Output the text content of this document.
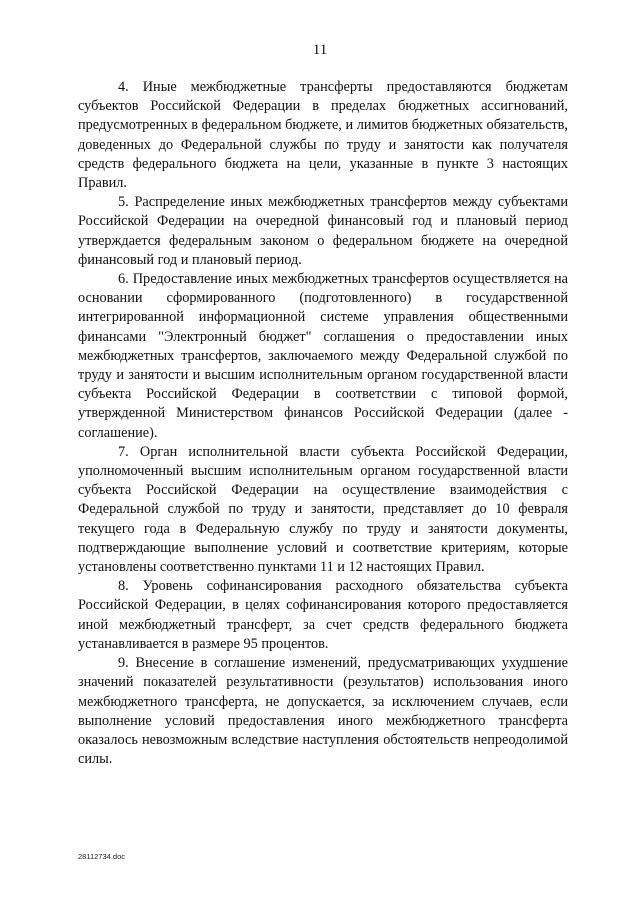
11

4. Иные межбюджетные трансферты предоставляются бюджетам субъектов Российской Федерации в пределах бюджетных ассигнований, предусмотренных в федеральном бюджете, и лимитов бюджетных обязательств, доведенных до Федеральной службы по труду и занятости как получателя средств федерального бюджета на цели, указанные в пункте 3 настоящих Правил.

5. Распределение иных межбюджетных трансфертов между субъектами Российской Федерации на очередной финансовый год и плановый период утверждается федеральным законом о федеральном бюджете на очередной финансовый год и плановый период.

6. Предоставление иных межбюджетных трансфертов осуществляется на основании сформированного (подготовленного) в государственной интегрированной информационной системе управления общественными финансами "Электронный бюджет" соглашения о предоставлении иных межбюджетных трансфертов, заключаемого между Федеральной службой по труду и занятости и высшим исполнительным органом государственной власти субъекта Российской Федерации в соответствии с типовой формой, утвержденной Министерством финансов Российской Федерации (далее - соглашение).

7. Орган исполнительной власти субъекта Российской Федерации, уполномоченный высшим исполнительным органом государственной власти субъекта Российской Федерации на осуществление взаимодействия с Федеральной службой по труду и занятости, представляет до 10 февраля текущего года в Федеральную службу по труду и занятости документы, подтверждающие выполнение условий и соответствие критериям, которые установлены соответственно пунктами 11 и 12 настоящих Правил.

8. Уровень софинансирования расходного обязательства субъекта Российской Федерации, в целях софинансирования которого предоставляется иной межбюджетный трансферт, за счет средств федерального бюджета устанавливается в размере 95 процентов.

9. Внесение в соглашение изменений, предусматривающих ухудшение значений показателей результативности (результатов) использования иного межбюджетного трансферта, не допускается, за исключением случаев, если выполнение условий предоставления иного межбюджетного трансферта оказалось невозможным вследствие наступления обстоятельств непреодолимой силы.

28112734.doc
